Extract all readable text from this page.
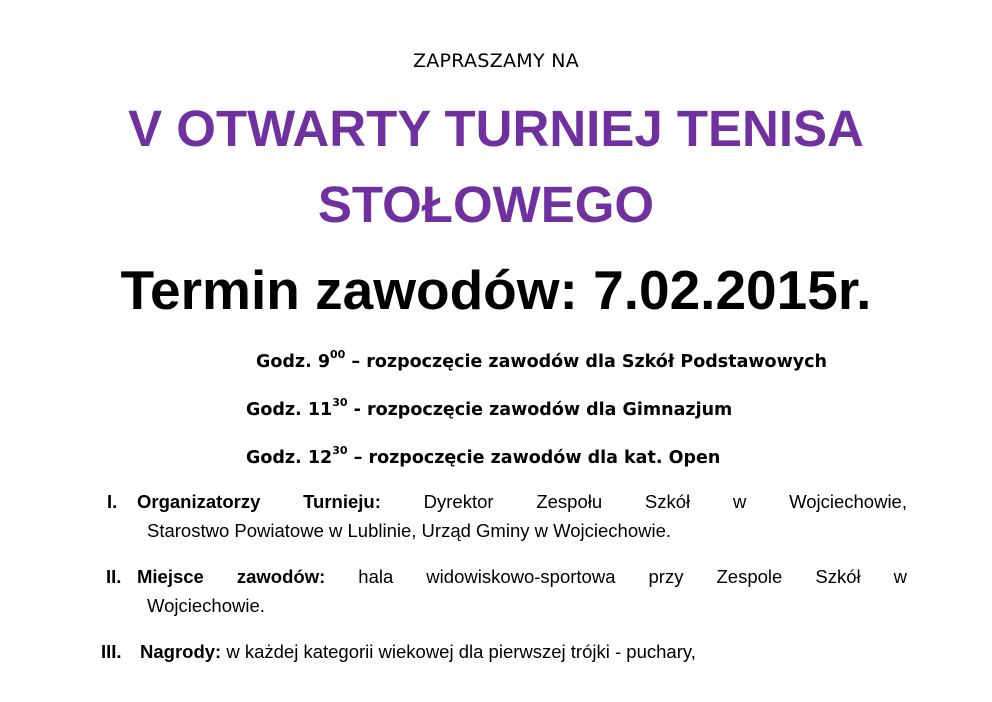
ZAPRASZAMY NA
V OTWARTY TURNIEJ TENISA
STOŁOWEGO
Termin zawodów: 7.02.2015r.
Godz. $9^{00}$ – rozpoczęcie zawodów dla Szkół Podstawowych
Godz. $11^{30}$ - rozpoczęcie zawodów dla Gimnazjum
Godz. $12^{30}$ – rozpoczęcie zawodów dla kat. Open
I. Organizatorzy Turnieju: Dyrektor Zespołu Szkół w Wojciechowie,
Starostwo Powiatowe w Lublinie, Urząd Gminy w Wojciechowie.
II. Miejsce zawodów: hala widowiskowo-sportowa przy Zespole Szkół w
Wojciechowie.
III. Nagrody: w każdej kategorii wiekowej dla pierwszej trójki - puchary,
